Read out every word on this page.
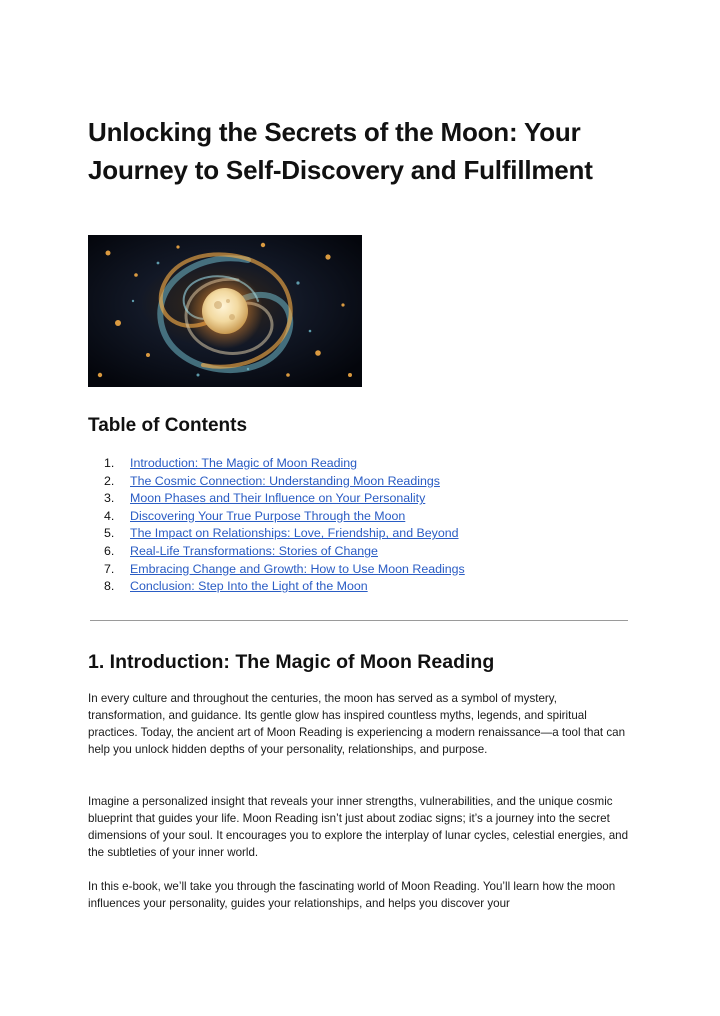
Unlocking the Secrets of the Moon: Your Journey to Self-Discovery and Fulfillment
Table of Contents
1. Introduction: The Magic of Moon Reading
2. The Cosmic Connection: Understanding Moon Readings
3. Moon Phases and Their Influence on Your Personality
4. Discovering Your True Purpose Through the Moon
5. The Impact on Relationships: Love, Friendship, and Beyond
6. Real-Life Transformations: Stories of Change
7. Embracing Change and Growth: How to Use Moon Readings
8. Conclusion: Step Into the Light of the Moon
1. Introduction: The Magic of Moon Reading

In every culture and throughout the centuries, the moon has served as a symbol of mystery, transformation, and guidance. Its gentle glow has inspired countless myths, legends, and spiritual practices. Today, the ancient art of Moon Reading is experiencing a modern renaissance—a tool that can help you unlock hidden depths of your personality, relationships, and purpose.

Imagine a personalized insight that reveals your inner strengths, vulnerabilities, and the unique cosmic blueprint that guides your life. Moon Reading isn’t just about zodiac signs; it’s a journey into the secret dimensions of your soul. It encourages you to explore the interplay of lunar cycles, celestial energies, and the subtleties of your inner world.

In this e-book, we’ll take you through the fascinating world of Moon Reading. You’ll learn how the moon influences your personality, guides your relationships, and helps you discover your
